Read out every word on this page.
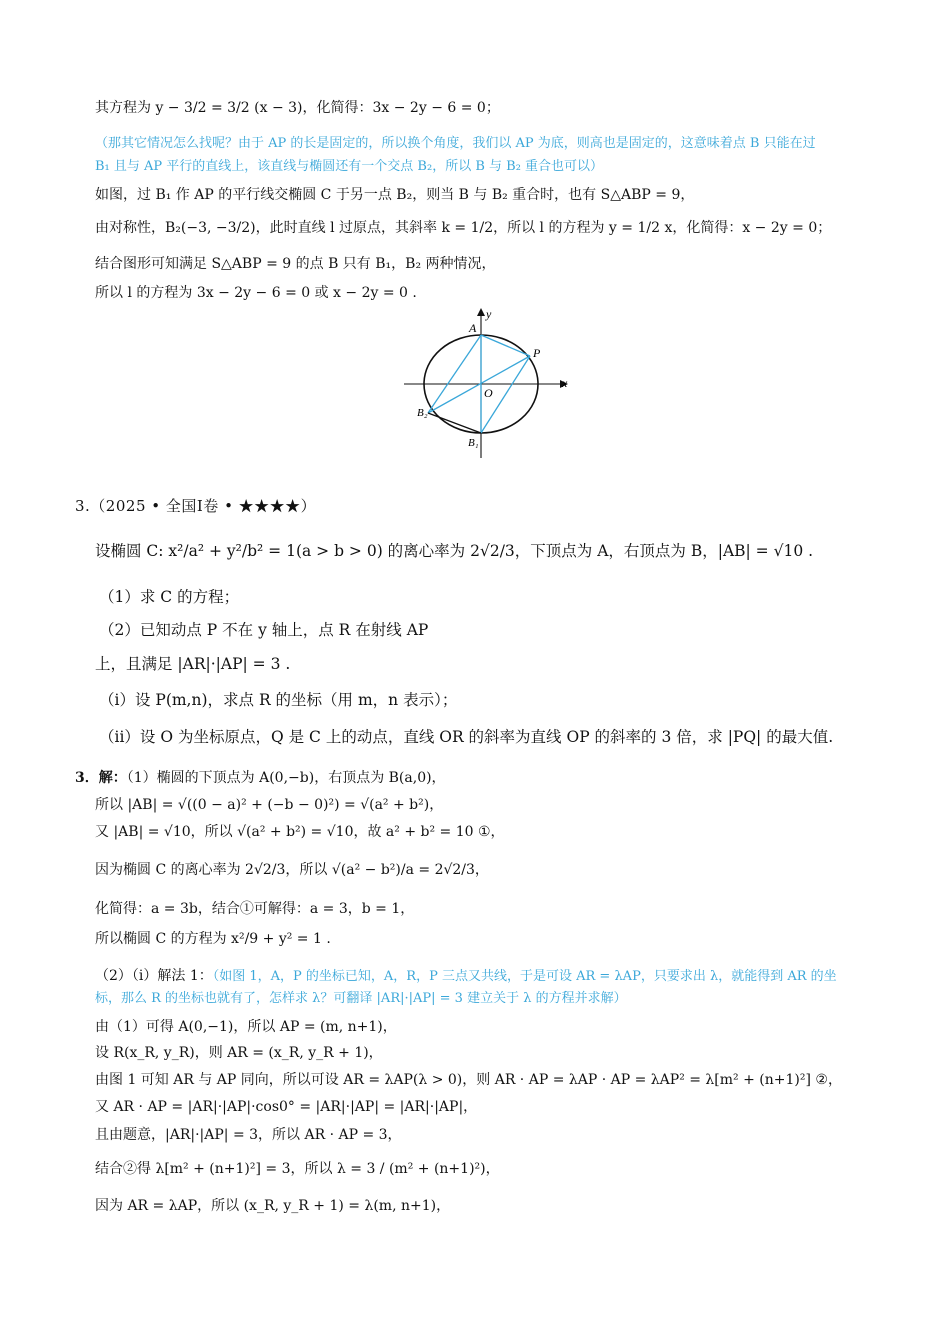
其方程为 y − 3/2 = 3/2 (x − 3)，化简得：3x − 2y − 6 = 0；
（那其它情况怎么找呢？由于 AP 的长是固定的，所以换个角度，我们以 AP 为底，则高也是固定的，这意味着点 B 只能在过
B₁ 且与 AP 平行的直线上，该直线与椭圆还有一个交点 B₂，所以 B 与 B₂ 重合也可以）
如图，过 B₁ 作 AP 的平行线交椭圆 C 于另一点 B₂，则当 B 与 B₂ 重合时，也有 S△ABP = 9，
由对称性，B₂(−3, −3/2)，此时直线 l 过原点，其斜率 k = 1/2，所以 l 的方程为 y = 1/2 x，化简得：x − 2y = 0；
结合图形可知满足 S△ABP = 9 的点 B 只有 B₁，B₂ 两种情况，
所以 l 的方程为 3x − 2y − 6 = 0 或 x − 2y = 0 .
y
x
A
P
O
B₂
B₁
3.（2025 • 全国Ⅰ卷 • ★★★★）
设椭圆 C: x²/a² + y²/b² = 1(a > b > 0) 的离心率为 2√2/3，下顶点为 A，右顶点为 B，|AB| = √10 .
（1）求 C 的方程；
（2）已知动点 P 不在 y 轴上，点 R 在射线 AP
上，且满足 |AR|·|AP| = 3 .
（i）设 P(m,n)，求点 R 的坐标（用 m，n 表示）；
（ii）设 O 为坐标原点，Q 是 C 上的动点，直线 OR 的斜率为直线 OP 的斜率的 3 倍，求 |PQ| 的最大值.
3．解：（1）椭圆的下顶点为 A(0,−b)，右顶点为 B(a,0)，
所以 |AB| = √((0 − a)² + (−b − 0)²) = √(a² + b²)，
又 |AB| = √10，所以 √(a² + b²) = √10，故 a² + b² = 10 ①，
因为椭圆 C 的离心率为 2√2/3，所以 √(a² − b²)/a = 2√2/3，
化简得：a = 3b，结合①可解得：a = 3，b = 1，
所以椭圆 C 的方程为 x²/9 + y² = 1 .
（2）（i）解法 1：（如图 1，A，P 的坐标已知，A，R，P 三点又共线，于是可设 AR = λAP，只要求出 λ，就能得到 AR 的坐
标，那么 R 的坐标也就有了，怎样求 λ？可翻译 |AR|·|AP| = 3 建立关于 λ 的方程并求解）
由（1）可得 A(0,−1)，所以 AP = (m, n+1)，
设 R(x_R, y_R)，则 AR = (x_R, y_R + 1)，
由图 1 可知 AR 与 AP 同向，所以可设 AR = λAP(λ > 0)，则 AR · AP = λAP · AP = λAP² = λ[m² + (n+1)²] ②，
又 AR · AP = |AR|·|AP|·cos0° = |AR|·|AP| = |AR|·|AP|，
且由题意，|AR|·|AP| = 3，所以 AR · AP = 3，
结合②得 λ[m² + (n+1)²] = 3，所以 λ = 3 / (m² + (n+1)²)，
因为 AR = λAP，所以 (x_R, y_R + 1) = λ(m, n+1)，
